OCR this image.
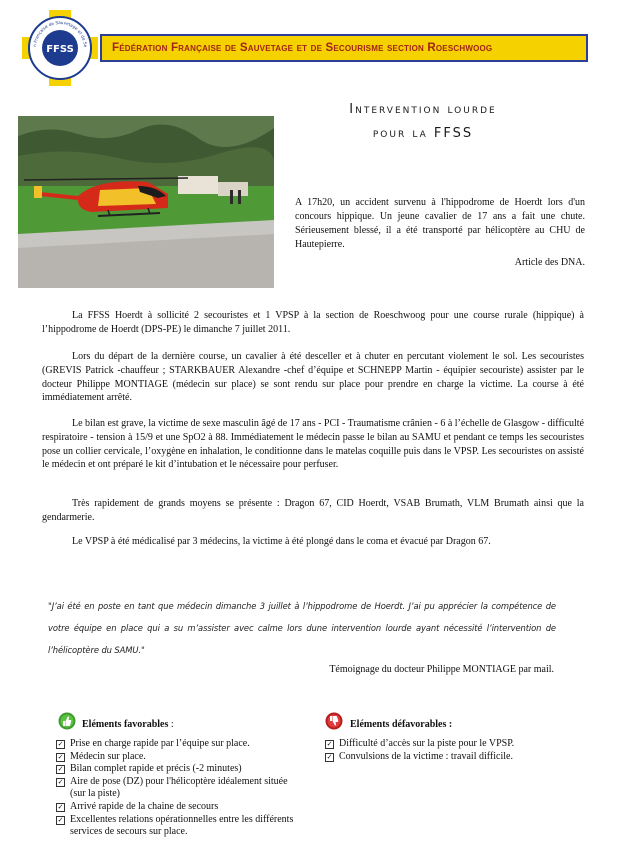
FFSS
n Française de Sauvetage et de Se Fédération Française de Sauvetage et de Secourisme section Roeschwoog
Intervention lourde
pour la FFSS
A 17h20, un accident survenu à l'hippodrome de Hoerdt lors d'un concours hippique. Un jeune cavalier de 17 ans a fait une chute. Sérieusement blessé, il a été transporté par hélicoptère au CHU de Hautepierre.
Article des DNA.
La FFSS Hoerdt à sollicité 2 secouristes et 1 VPSP à la section de Roeschwoog pour une course rurale (hippique) à l’hippodrome de Hoerdt (DPS-PE) le dimanche 7 juillet 2011.
Lors du départ de la dernière course, un cavalier à été desceller et à chuter en percutant violement le sol. Les secouristes (GREVIS Patrick -chauffeur ; STARKBAUER Alexandre -chef d’équipe et SCHNEPP Martin - équipier secouriste) assister par le docteur Philippe MONTIAGE (médecin sur place) se sont rendu sur place pour prendre en charge la victime. La course à été immédiatement arrêté.
Le bilan est grave, la victime de sexe masculin âgé de 17 ans - PCI - Traumatisme crânien - 6 à l’échelle de Glasgow - difficulté respiratoire - tension à 15/9 et une SpO2 à 88. Immédiatement le médecin passe le bilan au SAMU et pendant ce temps les secouristes pose un collier cervicale, l’oxygène en inhalation, le conditionne dans le matelas coquille puis dans le VPSP. Les secouristes on assisté le médecin et ont préparé le kit d’intubation et le nécessaire pour perfuser.
Très rapidement de grands moyens se présente : Dragon 67, CID Hoerdt, VSAB Brumath, VLM Brumath ainsi que la gendarmerie.
Le VPSP à été médicalisé par 3 médecins, la victime à été plongé dans le coma et évacué par Dragon 67.
"J’ai été en poste en tant que médecin dimanche 3 juillet à l’hippodrome de Hoerdt. J’ai pu apprécier la compétence de votre équipe en place qui a su m’assister avec calme lors dune intervention lourde ayant nécessité l’intervention de l’hélicoptère du SAMU."
Témoignage du docteur Philippe MONTIAGE par mail.
Eléments favorables :
✓ Prise en charge rapide par l’équipe sur place.
✓ Médecin sur place.
✓ Bilan complet rapide et précis (-2 minutes)
✓ Aire de pose (DZ) pour l'hélicoptère idéalement située (sur la piste)
✓ Arrivé rapide de la chaine de secours
✓ Excellentes relations opérationnelles entre les différents services de secours sur place.
Eléments défavorables :
✓ Difficulté d’accès sur la piste pour le VPSP.
✓ Convulsions de la victime : travail difficile.
